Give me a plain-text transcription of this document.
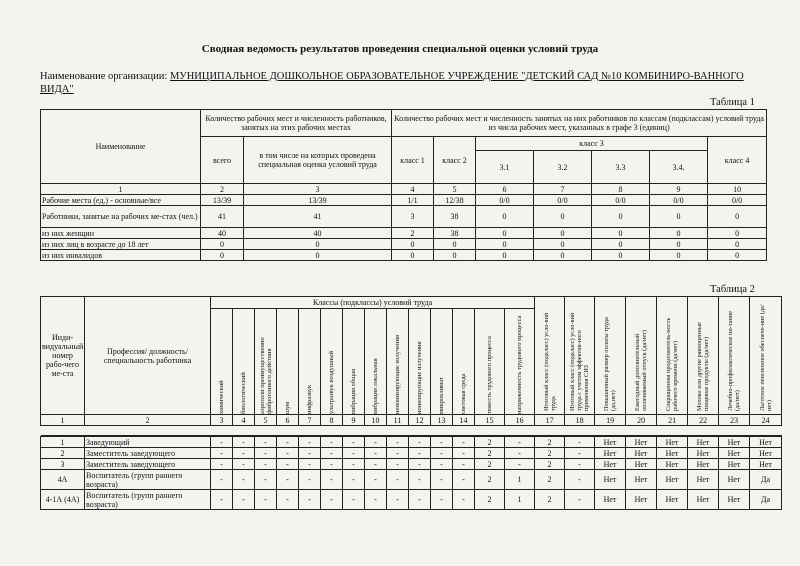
Сводная ведомость результатов проведения специальной оценки условий труда
Наименование организации: МУНИЦИПАЛЬНОЕ ДОШКОЛЬНОЕ ОБРАЗОВАТЕЛЬНОЕ УЧРЕЖДЕНИЕ "ДЕТСКИЙ САД №10 КОМБИНИРО-ВАННОГО ВИДА"
Таблица 1
Наименование	Количество рабочих мест и численность работников, занятых на этих рабочих местах		Количество рабочих мест и численность занятых на них работников по классам (подклассам) условий труда из числа рабочих мест, указанных в графе 3 (единиц)						
	всего	в том числе на которых проведена специальная оценка условий труда	класс 1	класс 2	класс 3				класс 4
					3.1	3.2	3.3	3.4.	
1	2	3	4	5	6	7	8	9	10
Рабочие места (ед.) - основные/все	13/39	13/39	1/1	12/38	0/0	0/0	0/0	0/0	0/0
Работники, занятые на рабочих ме-стах (чел.)	41	41	3	38	0	0	0	0	0
из них женщин	40	40	2	38	0	0	0	0	0
из них лиц в возрасте до 18 лет	0	0	0	0	0	0	0	0	0
из них инвалидов	0	0	0	0	0	0	0	0	0
Таблица 2
Инди-видуальный номер рабо-чего ме-ста	Профессия/ должность/ специальность работника	Классы (подклассы) условий труда														Итоговый класс (подкласс) усло-вий труда	Итоговый класс (подкласс) усло-вий труда с учетом эффектив-ного применения СИЗ	Повышенный размер оплаты труда (да,нет)	Ежегодный дополнительный оплачиваемый отпуск (да/нет)	Сокращенная продолжитель-ность рабочего времени (да/нет)	Молоко или другие равноценные пищевые продукты (да/нет)	Лечебно-профилактическое пи-тание (да/нет)	Льготное пенсионное обеспече-ние (да/нет)

		химический	биологический	аэрозоли преимущественно фиброгенного действия	шум	инфразвук	ультразвук воздушный	вибрация общая	вибрация локальная	неионизирующие излучения	ионизирующие излучения	микроклимат	световая среда	тяжесть трудового процесса	напряженность трудового процесса								

1	2	3	4	5	6	7	8	9	10	11	12	13	14	15	16	17	18	19	20	21	22	23	24

1	Заведующий	-	-	-	-	-	-	-	-	-	-	-	-	2	-	2	-	Нет	Нет	Нет	Нет	Нет	Нет
2	Заместитель заведующего	-	-	-	-	-	-	-	-	-	-	-	-	2	-	2	-	Нет	Нет	Нет	Нет	Нет	Нет
3	Заместитель заведующего	-	-	-	-	-	-	-	-	-	-	-	-	2	-	2	-	Нет	Нет	Нет	Нет	Нет	Нет
4А	Воспитатель (групп раннего возраста)	-	-	-	-	-	-	-	-	-	-	-	-	2	1	2	-	Нет	Нет	Нет	Нет	Нет	Да
4-1А (4А)	Воспитатель (групп раннего возраста)	-	-	-	-	-	-	-	-	-	-	-	-	2	1	2	-	Нет	Нет	Нет	Нет	Нет	Да
